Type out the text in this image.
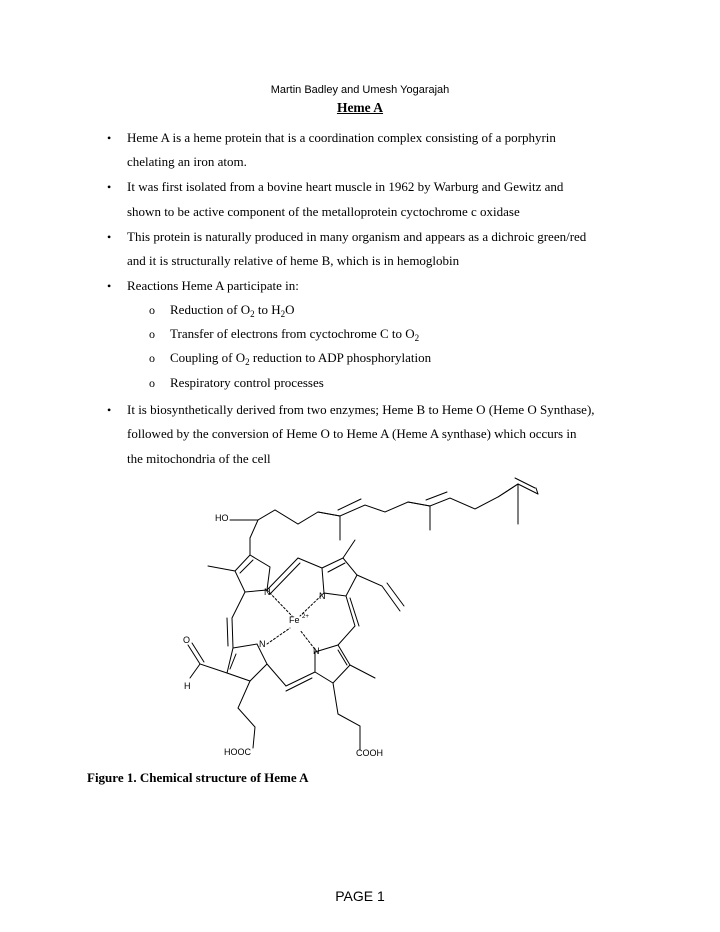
Martin Badley and Umesh Yogarajah
Heme A
• Heme A is a heme protein that is a coordination complex consisting of a porphyrin
chelating an iron atom.
• It was first isolated from a bovine heart muscle in 1962 by Warburg and Gewitz and
shown to be active component of the metalloprotein cyctochrome c oxidase
• This protein is naturally produced in many organism and appears as a dichroic green/red
and it is structurally relative of heme B, which is in hemoglobin
• Reactions Heme A participate in:
o Reduction of $O_2$ to $H_2O$
o Transfer of electrons from cyctochrome C to $O_2$
o Coupling of $O_2$ reduction to ADP phosphorylation
o Respiratory control processes
• It is biosynthetically derived from two enzymes; Heme B to Heme O (Heme O Synthase),
followed by the conversion of Heme O to Heme A (Heme A synthase) which occurs in
the mitochondria of the cell
HO
N	N
N
N
Fe 2+
O
H
HOOC	COOH
Figure 1. Chemical structure of Heme A
PAGE 1
